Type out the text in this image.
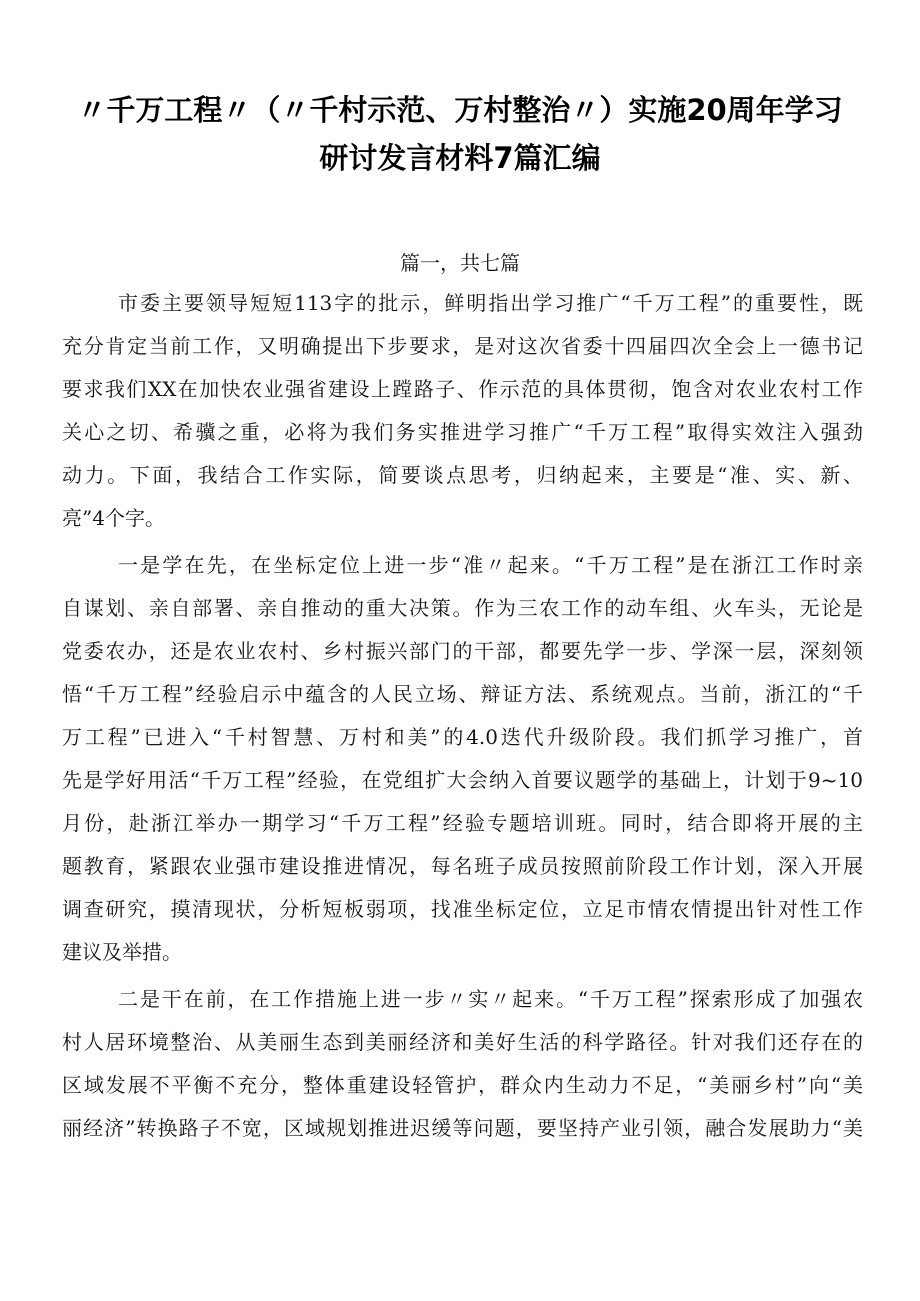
〃千万工程〃（〃千村示范、万村整治〃）实施20周年学习
研讨发言材料7篇汇编
篇一，共七篇
市委主要领导短短113字的批示，鲜明指出学习推广“千万工程”的重要性，既
充分肯定当前工作，又明确提出下步要求，是对这次省委十四届四次全会上一德书记
要求我们XX在加快农业强省建设上蹚路子、作示范的具体贯彻，饱含对农业农村工作
关心之切、希骥之重，必将为我们务实推进学习推广“千万工程”取得实效注入强劲
动力。下面，我结合工作实际，简要谈点思考，归纳起来，主要是“准、实、新、
亮”4个字。
一是学在先，在坐标定位上进一步“准〃起来。“千万工程”是在浙江工作时亲
自谋划、亲自部署、亲自推动的重大决策。作为三农工作的动车组、火车头，无论是
党委农办，还是农业农村、乡村振兴部门的干部，都要先学一步、学深一层，深刻领
悟“千万工程”经验启示中蕴含的人民立场、辩证方法、系统观点。当前，浙江的“千
万工程”已进入“千村智慧、万村和美”的4.0迭代升级阶段。我们抓学习推广，首
先是学好用活“千万工程”经验，在党组扩大会纳入首要议题学的基础上，计划于9~10
月份，赴浙江举办一期学习“千万工程”经验专题培训班。同时，结合即将开展的主
题教育，紧跟农业强市建设推进情况，每名班子成员按照前阶段工作计划，深入开展
调查研究，摸清现状，分析短板弱项，找准坐标定位，立足市情农情提出针对性工作
建议及举措。
二是干在前，在工作措施上进一步〃实〃起来。“千万工程”探索形成了加强农
村人居环境整治、从美丽生态到美丽经济和美好生活的科学路径。针对我们还存在的
区域发展不平衡不充分，整体重建设轻管护，群众内生动力不足，“美丽乡村”向“美
丽经济”转换路子不宽，区域规划推进迟缓等问题，要坚持产业引领，融合发展助力“美
